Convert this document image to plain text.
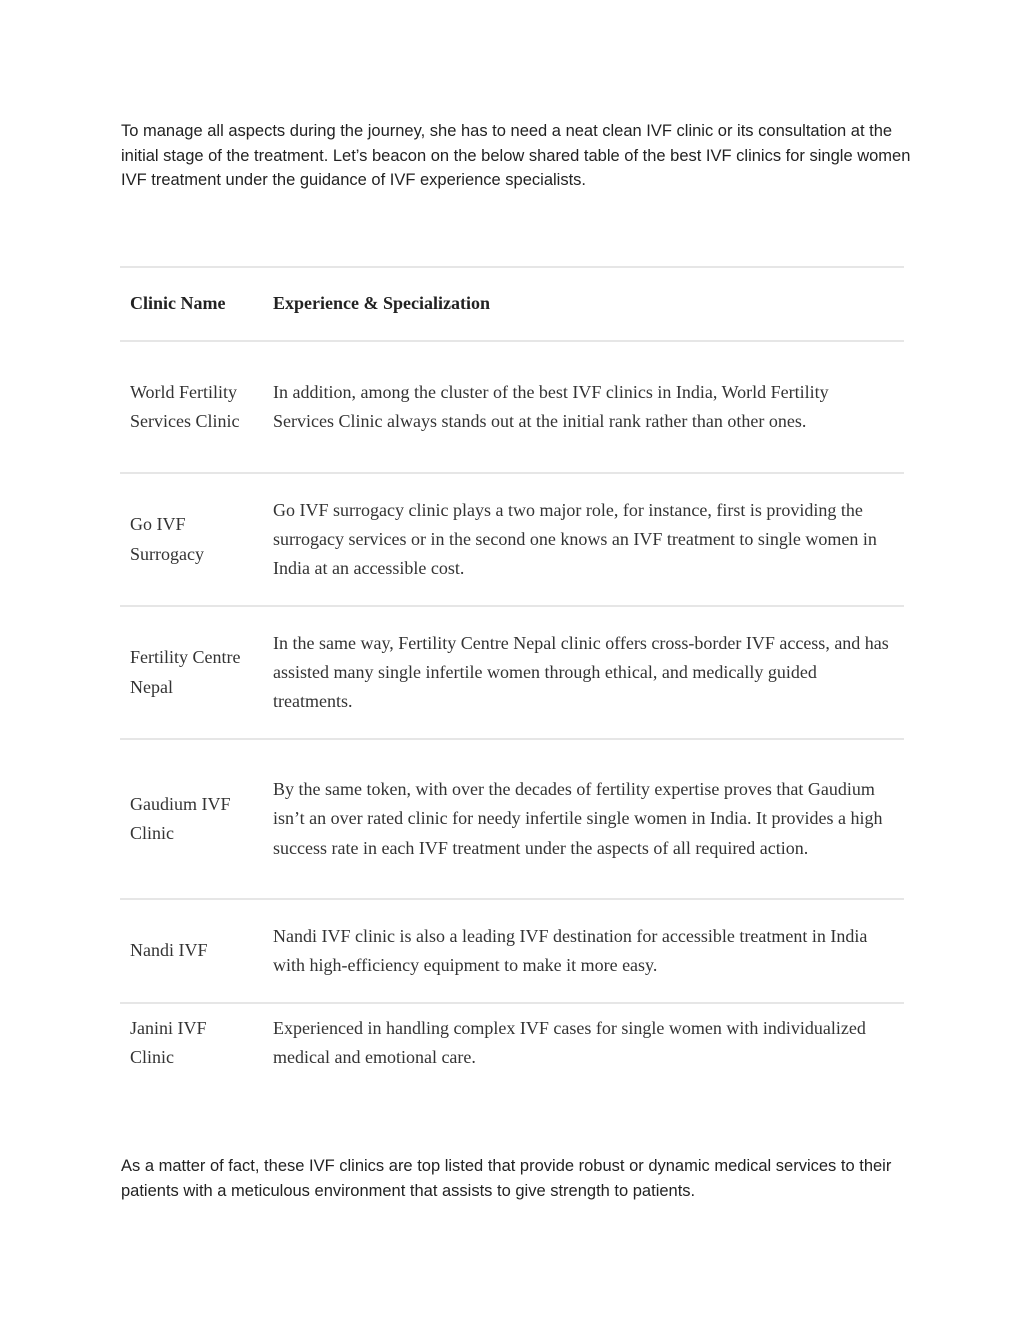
To manage all aspects during the journey, she has to need a neat clean IVF clinic or its consultation at the initial stage of the treatment. Let’s beacon on the below shared table of the best IVF clinics for single women IVF treatment under the guidance of IVF experience specialists.

Clinic Name	Experience & Specialization
World Fertility Services Clinic	In addition, among the cluster of the best IVF clinics in India, World Fertility Services Clinic always stands out at the initial rank rather than other ones.
Go IVF Surrogacy	Go IVF surrogacy clinic plays a two major role, for instance, first is providing the surrogacy services or in the second one knows an IVF treatment to single women in India at an accessible cost.
Fertility Centre Nepal	In the same way, Fertility Centre Nepal clinic offers cross-border IVF access, and has assisted many single infertile women through ethical, and medically guided treatments.
Gaudium IVF Clinic	By the same token, with over the decades of fertility expertise proves that Gaudium isn’t an over rated clinic for needy infertile single women in India. It provides a high success rate in each IVF treatment under the aspects of all required action.
Nandi IVF	Nandi IVF clinic is also a leading IVF destination for accessible treatment in India with high-efficiency equipment to make it more easy.
Janini IVF Clinic	Experienced in handling complex IVF cases for single women with individualized medical and emotional care.

As a matter of fact, these IVF clinics are top listed that provide robust or dynamic medical services to their patients with a meticulous environment that assists to give strength to patients.
